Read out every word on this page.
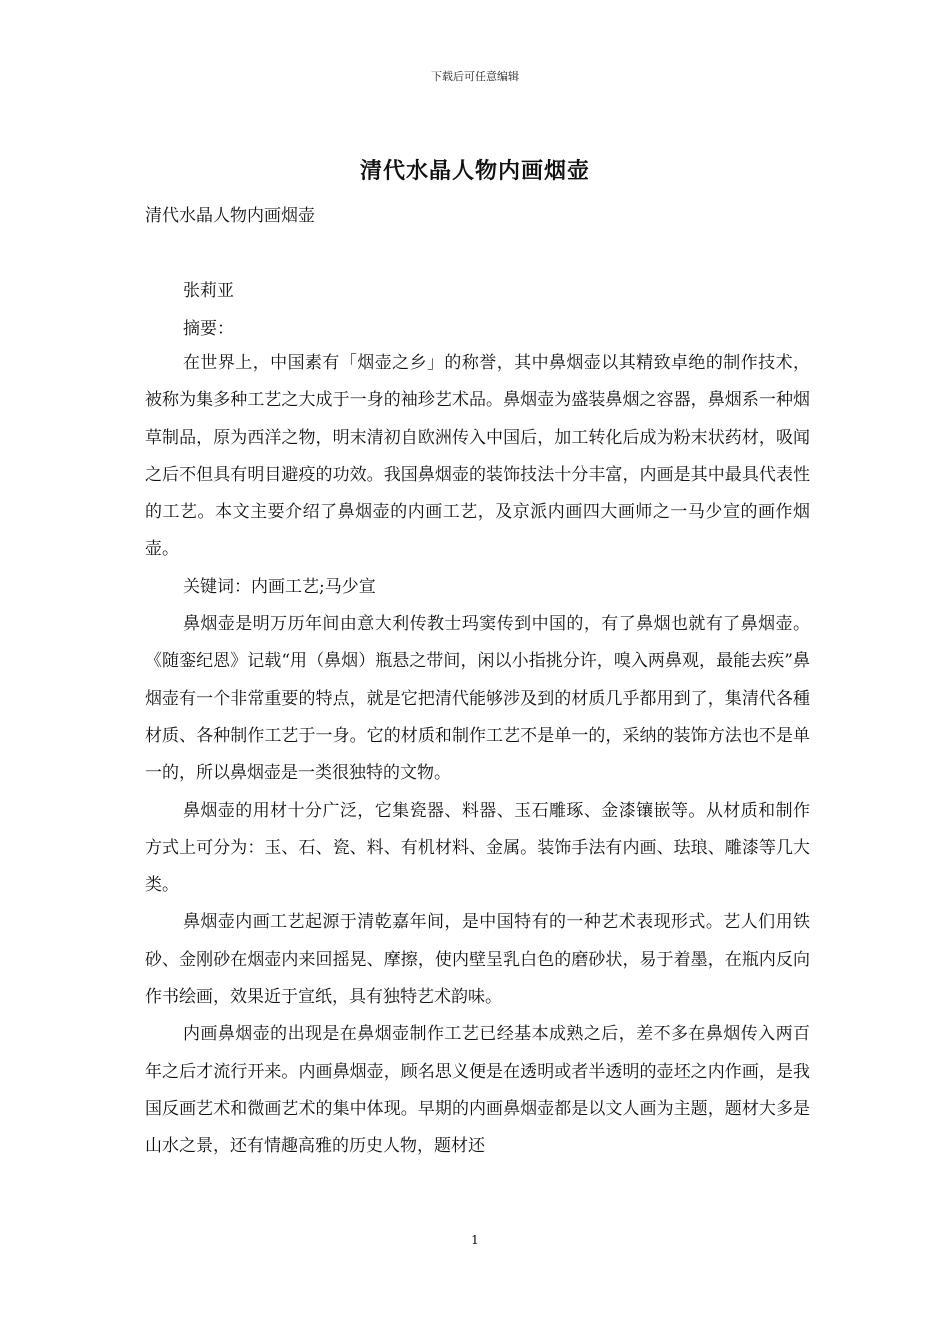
下载后可任意编辑
清代水晶人物内画烟壶
清代水晶人物内画烟壶
张莉亚
摘要：

在世界上，中国素有「烟壶之乡」的称誉，其中鼻烟壶以其精致卓绝的制作技术，被称为集多种工艺之大成于一身的袖珍艺术品。鼻烟壶为盛装鼻烟之容器，鼻烟系一种烟草制品，原为西洋之物，明末清初自欧洲传入中国后，加工转化后成为粉末状药材，吸闻之后不但具有明目避疫的功效。我国鼻烟壶的装饰技法十分丰富，内画是其中最具代表性的工艺。本文主要介绍了鼻烟壶的内画工艺，及京派内画四大画师之一马少宣的画作烟壶。

关键词：内画工艺;马少宣

鼻烟壶是明万历年间由意大利传教士玛窦传到中国的，有了鼻烟也就有了鼻烟壶。《随銮纪恩》记载“用（鼻烟）瓶悬之带间，闲以小指挑分许，嗅入两鼻观，最能去疾”鼻烟壶有一个非常重要的特点，就是它把清代能够涉及到的材质几乎都用到了，集清代各種材质、各种制作工艺于一身。它的材质和制作工艺不是单一的，采纳的装饰方法也不是单一的，所以鼻烟壶是一类很独特的文物。

鼻烟壶的用材十分广泛，它集瓷器、料器、玉石雕琢、金漆镶嵌等。从材质和制作方式上可分为：玉、石、瓷、料、有机材料、金属。装饰手法有内画、珐琅、雕漆等几大类。

鼻烟壶内画工艺起源于清乾嘉年间，是中国特有的一种艺术表现形式。艺人们用铁砂、金刚砂在烟壶内来回摇晃、摩擦，使内壁呈乳白色的磨砂状，易于着墨，在瓶内反向作书绘画，效果近于宣纸，具有独特艺术韵味。

内画鼻烟壶的出现是在鼻烟壶制作工艺已经基本成熟之后，差不多在鼻烟传入两百年之后才流行开来。内画鼻烟壶，顾名思义便是在透明或者半透明的壶坯之内作画，是我国反画艺术和微画艺术的集中体现。早期的内画鼻烟壶都是以文人画为主题，题材大多是山水之景，还有情趣高雅的历史人物，题材还

1
